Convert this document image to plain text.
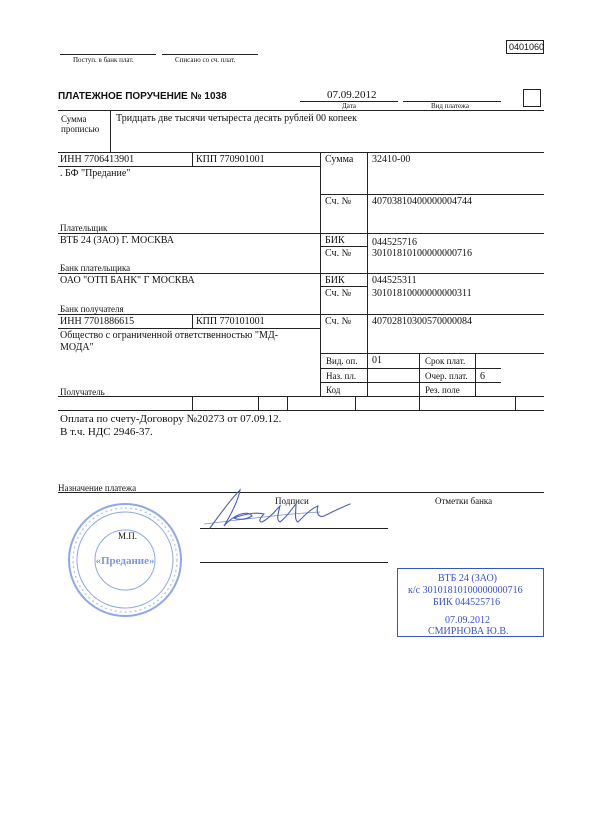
0401060
Поступ. в банк плат.	Списано со сч. плат.
ПЛАТЕЖНОЕ ПОРУЧЕНИЕ № 1038	07.09.2012
Дата	Вид платежа
Сумма
прописью
Тридцать две тысячи четыреста десять рублей 00 копеек
ИНН 7706413901	КПП 770901001	Сумма 32410-00
. БФ "Предание"
Сч. № 40703810400000004744
Плательщик
ВТБ 24 (ЗАО) Г. МОСКВА	БИК	044525716
Сч. № 30101810100000000716
Банк плательщика
ОАО "ОТП БАНК" Г МОСКВА	БИК	044525311
Сч. № 30101810000000000311
Банк получателя
ИНН 7701886615	КПП 770101001	Сч. № 40702810300570000084
Общество с ограниченной ответственностью "МД-
МОДА"
Вид. оп. 01	Срок плат.
Наз. пл.	Очер. плат. 6
Код	Рез. поле
Получатель
Оплата по счету-Договору №20273 от 07.09.12.
В т.ч. НДС 2946-37.
Назначение платежа
Подписи	Отметки банка
М.П.
«Предание»
ВТБ 24 (ЗАО)
к/с 30101810100000000716
БИК 044525716
07.09.2012
СМИРНОВА Ю.В.
